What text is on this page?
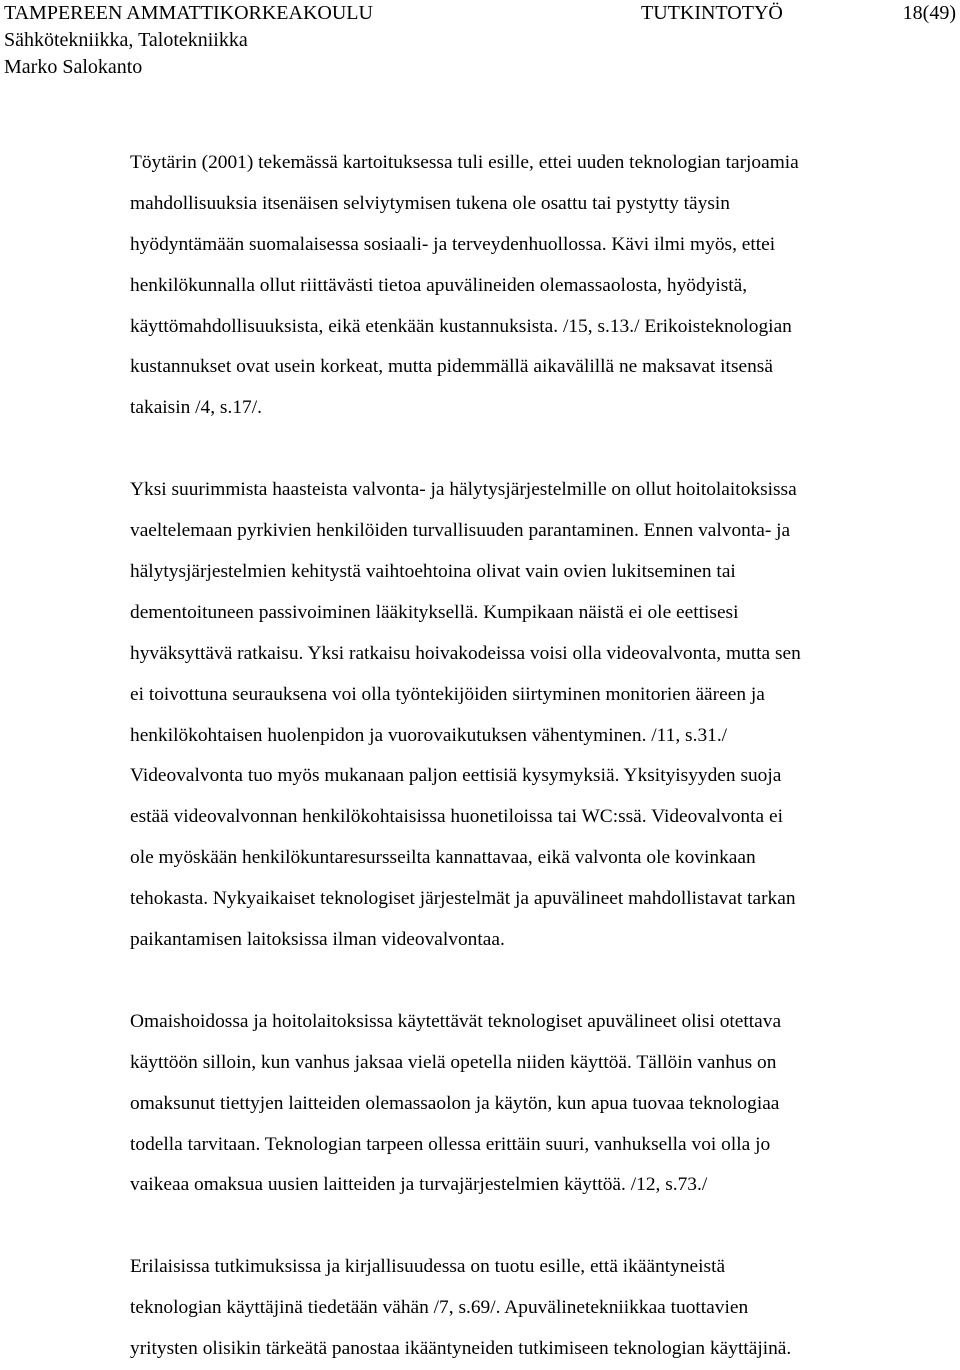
TAMPEREEN AMMATTIKORKEAKOULU	TUTKINTOTYÖ	18(49)
Sähkötekniikka, Talotekniikka
Marko Salokanto
Töytärin (2001) tekemässä kartoituksessa tuli esille, ettei uuden teknologian tarjoamia
mahdollisuuksia itsenäisen selviytymisen tukena ole osattu tai pystytty täysin
hyödyntämään suomalaisessa sosiaali- ja terveydenhuollossa. Kävi ilmi myös, ettei
henkilökunnalla ollut riittävästi tietoa apuvälineiden olemassaolosta, hyödyistä,
käyttömahdollisuuksista, eikä etenkään kustannuksista. /15, s.13./ Erikoisteknologian
kustannukset ovat usein korkeat, mutta pidemmällä aikavälillä ne maksavat itsensä
takaisin /4, s.17/.
Yksi suurimmista haasteista valvonta- ja hälytysjärjestelmille on ollut hoitolaitoksissa
vaeltelemaan pyrkivien henkilöiden turvallisuuden parantaminen. Ennen valvonta- ja
hälytysjärjestelmien kehitystä vaihtoehtoina olivat vain ovien lukitseminen tai
dementoituneen passivoiminen lääkityksellä. Kumpikaan näistä ei ole eettisesi
hyväksyttävä ratkaisu. Yksi ratkaisu hoivakodeissa voisi olla videovalvonta, mutta sen
ei toivottuna seurauksena voi olla työntekijöiden siirtyminen monitorien ääreen ja
henkilökohtaisen huolenpidon ja vuorovaikutuksen vähentyminen. /11, s.31./
Videovalvonta tuo myös mukanaan paljon eettisiä kysymyksiä. Yksityisyyden suoja
estää videovalvonnan henkilökohtaisissa huonetiloissa tai WC:ssä. Videovalvonta ei
ole myöskään henkilökuntaresursseilta kannattavaa, eikä valvonta ole kovinkaan
tehokasta. Nykyaikaiset teknologiset järjestelmät ja apuvälineet mahdollistavat tarkan
paikantamisen laitoksissa ilman videovalvontaa.
Omaishoidossa ja hoitolaitoksissa käytettävät teknologiset apuvälineet olisi otettava
käyttöön silloin, kun vanhus jaksaa vielä opetella niiden käyttöä. Tällöin vanhus on
omaksunut tiettyjen laitteiden olemassaolon ja käytön, kun apua tuovaa teknologiaa
todella tarvitaan. Teknologian tarpeen ollessa erittäin suuri, vanhuksella voi olla jo
vaikeaa omaksua uusien laitteiden ja turvajärjestelmien käyttöä. /12, s.73./
Erilaisissa tutkimuksissa ja kirjallisuudessa on tuotu esille, että ikääntyneistä
teknologian käyttäjinä tiedetään vähän /7, s.69/. Apuvälinetekniikkaa tuottavien
yritysten olisikin tärkeätä panostaa ikääntyneiden tutkimiseen teknologian käyttäjinä.
